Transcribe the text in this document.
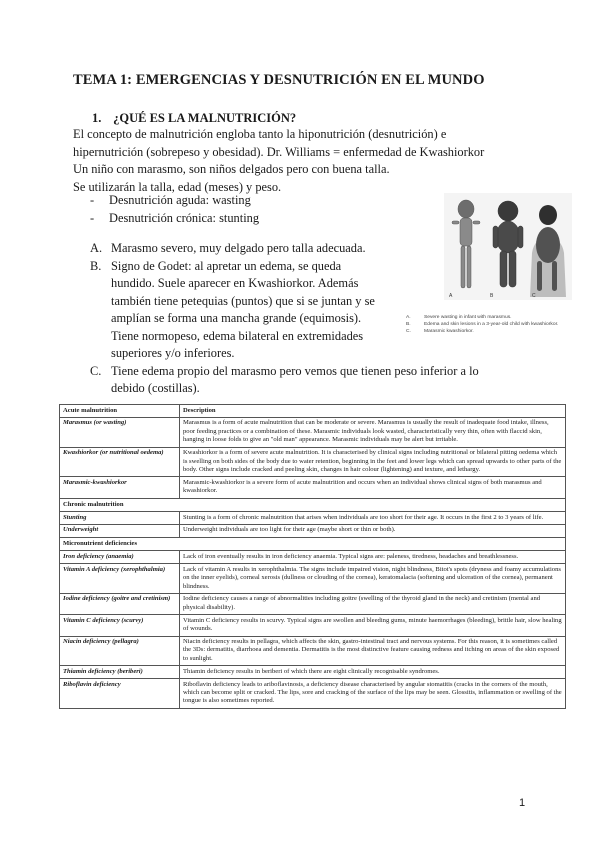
TEMA 1: EMERGENCIAS Y DESNUTRICIÓN EN EL MUNDO
1. ¿QUÉ ES LA MALNUTRICIÓN?
El concepto de malnutrición engloba tanto la hiponutrición (desnutrición) e
hipernutrición (sobrepeso y obesidad). Dr. Williams = enfermedad de Kwashiorkor
Un niño con marasmo, son niños delgados pero con buena talla.
Se utilizarán la talla, edad (meses) y peso.
- Desnutrición aguda: wasting
- Desnutrición crónica: stunting
A. Marasmo severo, muy delgado pero talla adecuada.
B. Signo de Godet: al apretar un edema, se queda
hundido. Suele aparecer en Kwashiorkor. Además
también tiene petequias (puntos) que si se juntan y se
amplían se forma una mancha grande (equimosis).
Tiene normopeso, edema bilateral en extremidades
superiores y/o inferiores.
C. Tiene edema propio del marasmo pero vemos que tienen peso inferior a lo
debido (costillas).
A	B	C
A.	Severe wasting in infant with marasmus.
B.	Edema and skin lesions in a 3-year-old child with kwashiorkor.
C.	Marasmic kwashiorkor.
Acute malnutrition	Description
Marasmus (or wasting)	Marasmus is a form of acute malnutrition that can be moderate or severe. Marasmus is usually the result of inadequate food intake, illness, poor feeding practices or a combination of these. Marasmic individuals look wasted, characteristically very thin, often with flaccid skin, hanging in loose folds to give an "old man" appearance. Marasmic individuals may be alert but irritable.
Kwashiorkor (or nutritional oedema)	Kwashiorkor is a form of severe acute malnutrition. It is characterised by clinical signs including nutritional or bilateral pitting oedema which is swelling on both sides of the body due to water retention, beginning in the feet and lower legs which can spread upwards to other parts of the body. Other signs include cracked and peeling skin, changes in hair colour (lightening) and texture, and lethargy.
Marasmic-kwashiorkor	Marasmic-kwashiorkor is a severe form of acute malnutrition and occurs when an individual shows clinical signs of both marasmus and kwashiorkor.
Chronic malnutrition	
Stunting	Stunting is a form of chronic malnutrition that arises when individuals are too short for their age. It occurs in the first 2 to 3 years of life.
Underweight	Underweight individuals are too light for their age (maybe short or thin or both).
Micronutrient deficiencies	
Iron deficiency (anaemia)	Lack of iron eventually results in iron deficiency anaemia. Typical signs are: paleness, tiredness, headaches and breathlessness.
Vitamin A deficiency (xerophthalmia)	Lack of vitamin A results in xerophthalmia. The signs include impaired vision, night blindness, Bitot's spots (dryness and foamy accumulations on the inner eyelids), corneal xerosis (dullness or clouding of the cornea), keratomalacia (softening and ulceration of the cornea), permanent blindness.
Iodine deficiency (goitre and cretinism)	Iodine deficiency causes a range of abnormalities including goitre (swelling of the thyroid gland in the neck) and cretinism (mental and physical disability).
Vitamin C deficiency (scurvy)	Vitamin C deficiency results in scurvy. Typical signs are swollen and bleeding gums, minute haemorrhages (bleeding), brittle hair, slow healing of wounds.
Niacin deficiency (pellagra)	Niacin deficiency results in pellagra, which affects the skin, gastro-intestinal tract and nervous systems. For this reason, it is sometimes called the 3Ds: dermatitis, diarrhoea and dementia. Dermatitis is the most distinctive feature causing redness and itching on areas of the skin exposed to sunlight.
Thiamin deficiency (beriberi)	Thiamin deficiency results in beriberi of which there are eight clinically recognisable syndromes.
Riboflavin deficiency	Riboflavin deficiency leads to ariboflavinosis, a deficiency disease characterised by angular stomatitis (cracks in the corners of the mouth, which can become split or cracked. The lips, sore and cracking of the surface of the lips may be seen. Glossitis, inflammation or swelling of the tongue is also sometimes reported.
1
